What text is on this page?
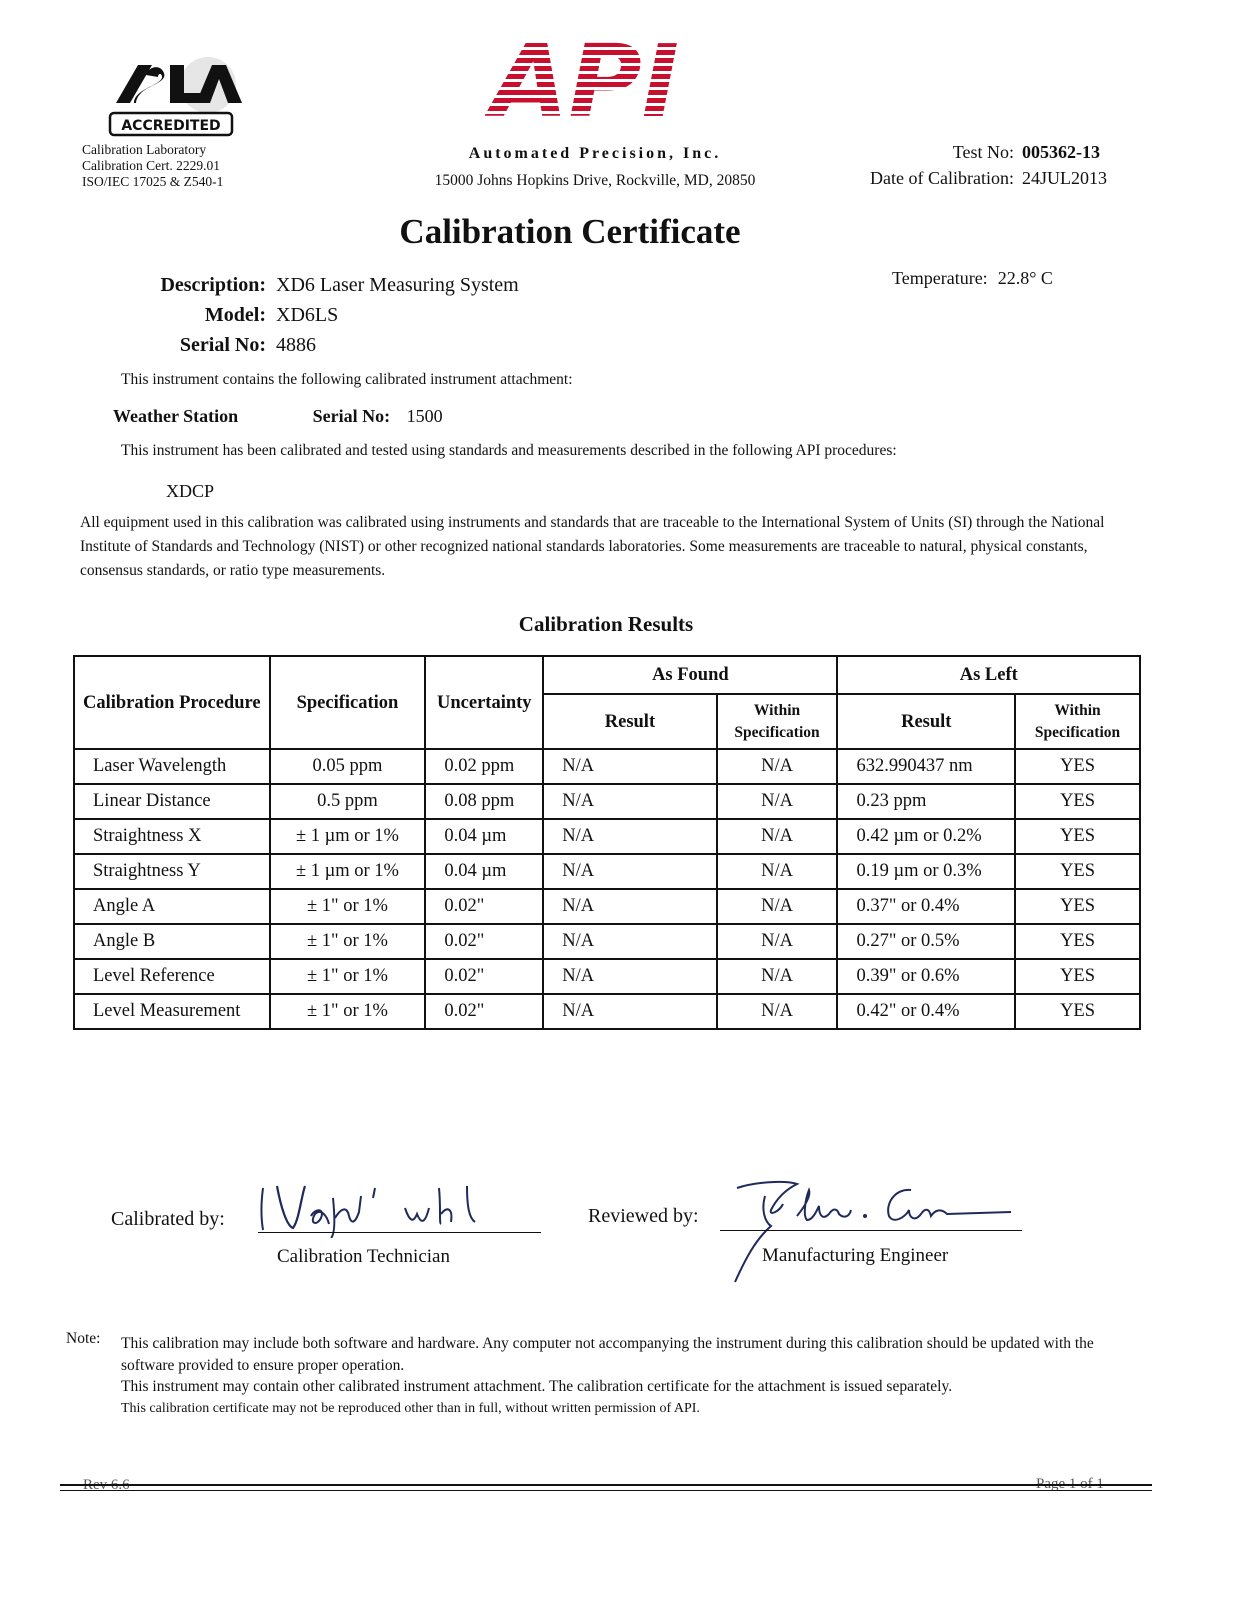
ACCREDITED
Calibration Laboratory
Calibration Cert. 2229.01
ISO/IEC 17025 & Z540-1
API
Automated Precision, Inc.
15000 Johns Hopkins Drive, Rockville, MD, 20850
Test No: 005362-13
Date of Calibration: 24JUL2013
Calibration Certificate
Description: XD6 Laser Measuring System
Model: XD6LS
Serial No: 4886
Temperature: 22.8° C
This instrument contains the following calibrated instrument attachment:
Weather Station	Serial No: 1500
This instrument has been calibrated and tested using standards and measurements described in the following API procedures:
XDCP
All equipment used in this calibration was calibrated using instruments and standards that are traceable to the International System of Units (SI) through the National Institute of Standards and Technology (NIST) or other recognized national standards laboratories. Some measurements are traceable to natural, physical constants, consensus standards, or ratio type measurements.
Calibration Results
Calibration Procedure	Specification	Uncertainty	As Found		As Left	
			Result	Within Specification	Result	Within Specification
Laser Wavelength	0.05 ppm	0.02 ppm	N/A	N/A	632.990437 nm	YES
Linear Distance	0.5 ppm	0.08 ppm	N/A	N/A	0.23 ppm	YES
Straightness X	± 1 µm or 1%	0.04 µm	N/A	N/A	0.42 µm or 0.2%	YES
Straightness Y	± 1 µm or 1%	0.04 µm	N/A	N/A	0.19 µm or 0.3%	YES
Angle A	± 1" or 1%	0.02"	N/A	N/A	0.37" or 0.4%	YES
Angle B	± 1" or 1%	0.02"	N/A	N/A	0.27" or 0.5%	YES
Level Reference	± 1" or 1%	0.02"	N/A	N/A	0.39" or 0.6%	YES
Level Measurement	± 1" or 1%	0.02"	N/A	N/A	0.42" or 0.4%	YES
Calibrated by:
Calibration Technician
Reviewed by:
Manufacturing Engineer
Note: This calibration may include both software and hardware. Any computer not accompanying the instrument during this calibration should be updated with the software provided to ensure proper operation.
This instrument may contain other calibrated instrument attachment. The calibration certificate for the attachment is issued separately.
This calibration certificate may not be reproduced other than in full, without written permission of API.
Rev 6.6	Page 1 of 1
